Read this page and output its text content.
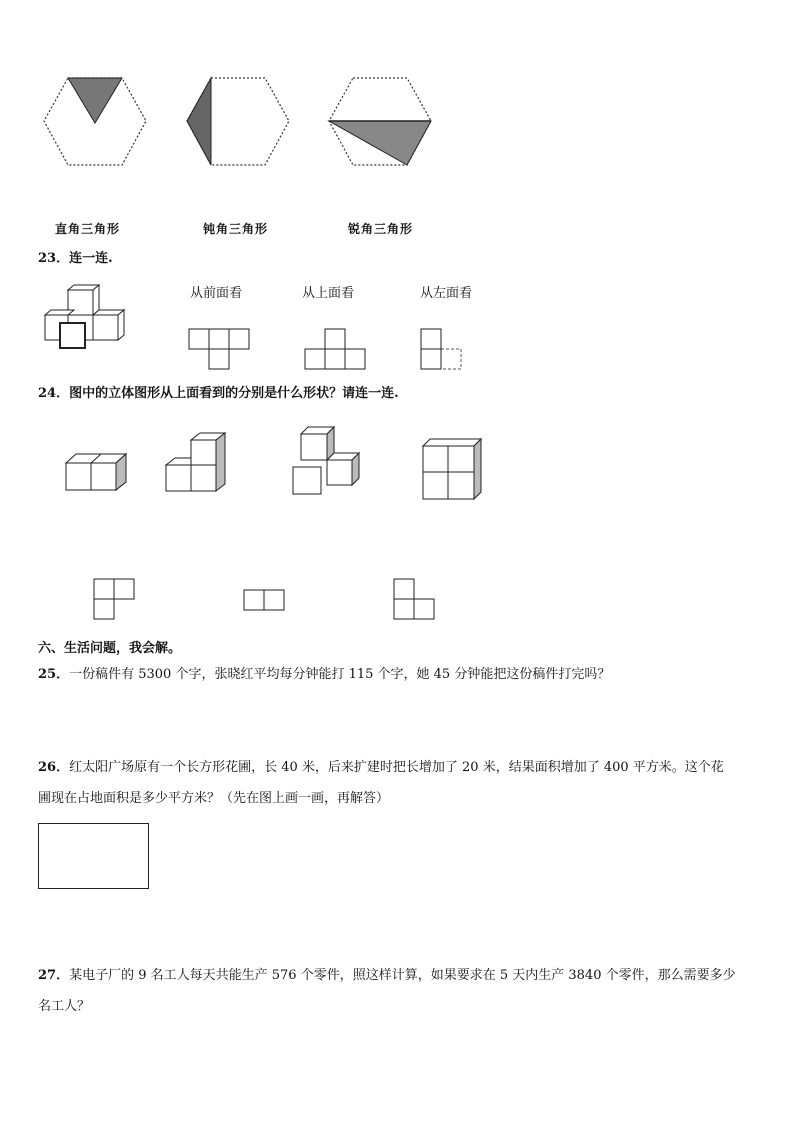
直角三角形	钝角三角形	锐角三角形
23．连一连.
从前面看	从上面看	从左面看
24．图中的立体图形从上面看到的分别是什么形状？请连一连.
六、生活问题，我会解。
25．一份稿件有 5300 个字，张晓红平均每分钟能打 115 个字，她 45 分钟能把这份稿件打完吗？
26．红太阳广场原有一个长方形花圃，长 40 米，后来扩建时把长增加了 20 米，结果面积增加了 400 平方米。这个花
圃现在占地面积是多少平方米？（先在图上画一画，再解答）
27．某电子厂的 9 名工人每天共能生产 576 个零件，照这样计算，如果要求在 5 天内生产 3840 个零件，那么需要多少
名工人？
